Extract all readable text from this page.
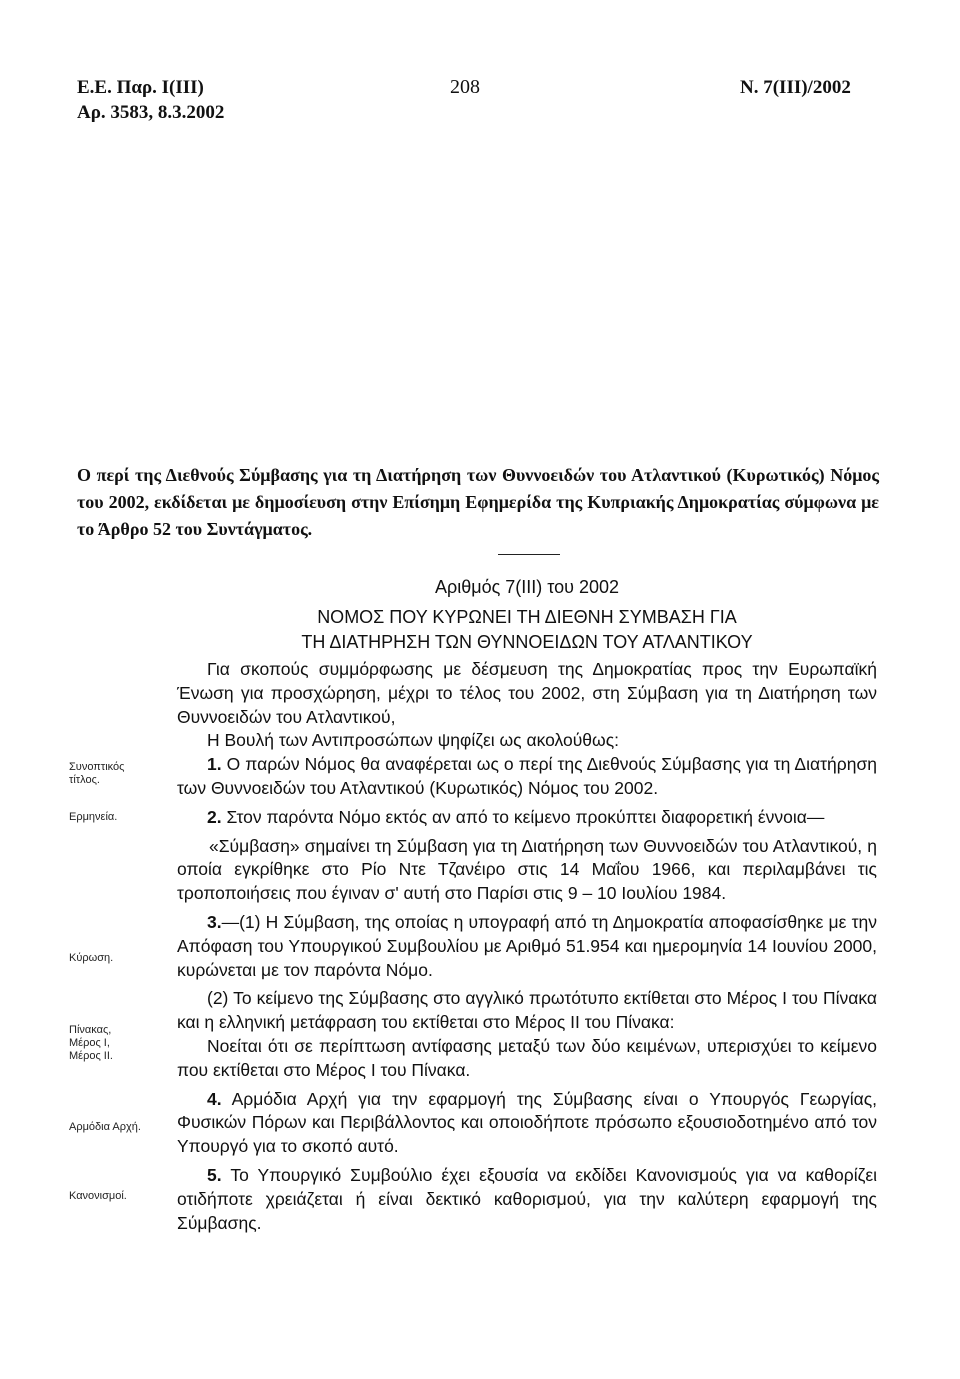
Ε.Ε. Παρ. Ι(ΙΙΙ)
Αρ. 3583, 8.3.2002
208	Ν. 7(ΙΙΙ)/2002
Ο περί της Διεθνούς Σύμβασης για τη Διατήρηση των Θυννοειδών του Ατλαντικού (Κυρωτικός) Νόμος του 2002, εκδίδεται με δημοσίευση στην Επίσημη Εφημερίδα της Κυπριακής Δημοκρατίας σύμφωνα με το Άρθρο 52 του Συντάγματος.
Αριθμός 7(ΙΙΙ) του 2002
ΝΟΜΟΣ ΠΟΥ ΚΥΡΩΝΕΙ ΤΗ ΔΙΕΘΝΗ ΣΥΜΒΑΣΗ ΓΙΑ
ΤΗ ΔΙΑΤΗΡΗΣΗ ΤΩΝ ΘΥΝΝΟΕΙΔΩΝ ΤΟΥ ΑΤΛΑΝΤΙΚΟΥ

Για σκοπούς συμμόρφωσης με δέσμευση της Δημοκρατίας προς την Ευρωπαϊκή Ένωση για προσχώρηση, μέχρι το τέλος του 2002, στη Σύμβαση για τη Διατήρηση των Θυννοειδών του Ατλαντικού,

Η Βουλή των Αντιπροσώπων ψηφίζει ως ακολούθως:

1. Ο παρών Νόμος θα αναφέρεται ως ο περί της Διεθνούς Σύμβασης για τη Διατήρηση των Θυννοειδών του Ατλαντικού (Κυρωτικός) Νόμος του 2002.

2. Στον παρόντα Νόμο εκτός αν από το κείμενο προκύπτει διαφορετική έννοια—

«Σύμβαση» σημαίνει τη Σύμβαση για τη Διατήρηση των Θυννοειδών του Ατλαντικού, η οποία εγκρίθηκε στο Ρίο Ντε Τζανέιρο στις 14 Μαΐου 1966, και περιλαμβάνει τις τροποποιήσεις που έγιναν σ' αυτή στο Παρίσι στις 9 – 10 Ιουλίου 1984.

3.—(1) Η Σύμβαση, της οποίας η υπογραφή από τη Δημοκρατία αποφασίσθηκε με την Απόφαση του Υπουργικού Συμβουλίου με Αριθμό 51.954 και ημερομηνία 14 Ιουνίου 2000, κυρώνεται με τον παρόντα Νόμο.

(2) Το κείμενο της Σύμβασης στο αγγλικό πρωτότυπο εκτίθεται στο Μέρος Ι του Πίνακα και η ελληνική μετάφραση του εκτίθεται στο Μέρος ΙΙ του Πίνακα:

Νοείται ότι σε περίπτωση αντίφασης μεταξύ των δύο κειμένων, υπερισχύει το κείμενο που εκτίθεται στο Μέρος Ι του Πίνακα.

4. Αρμόδια Αρχή για την εφαρμογή της Σύμβασης είναι ο Υπουργός Γεωργίας, Φυσικών Πόρων και Περιβάλλοντος και οποιοδήποτε πρόσωπο εξουσιοδοτημένο από τον Υπουργό για το σκοπό αυτό.

5. Το Υπουργικό Συμβούλιο έχει εξουσία να εκδίδει Κανονισμούς για να καθορίζει οτιδήποτε χρειάζεται ή είναι δεκτικό καθορισμού, για την καλύτερη εφαρμογή της Σύμβασης.

Συνοπτικός
τίτλος.
Ερμηνεία.
Κύρωση.
Πίνακας,
Μέρος Ι,
Μέρος ΙΙ.
Αρμόδια Αρχή.
Κανονισμοί.
